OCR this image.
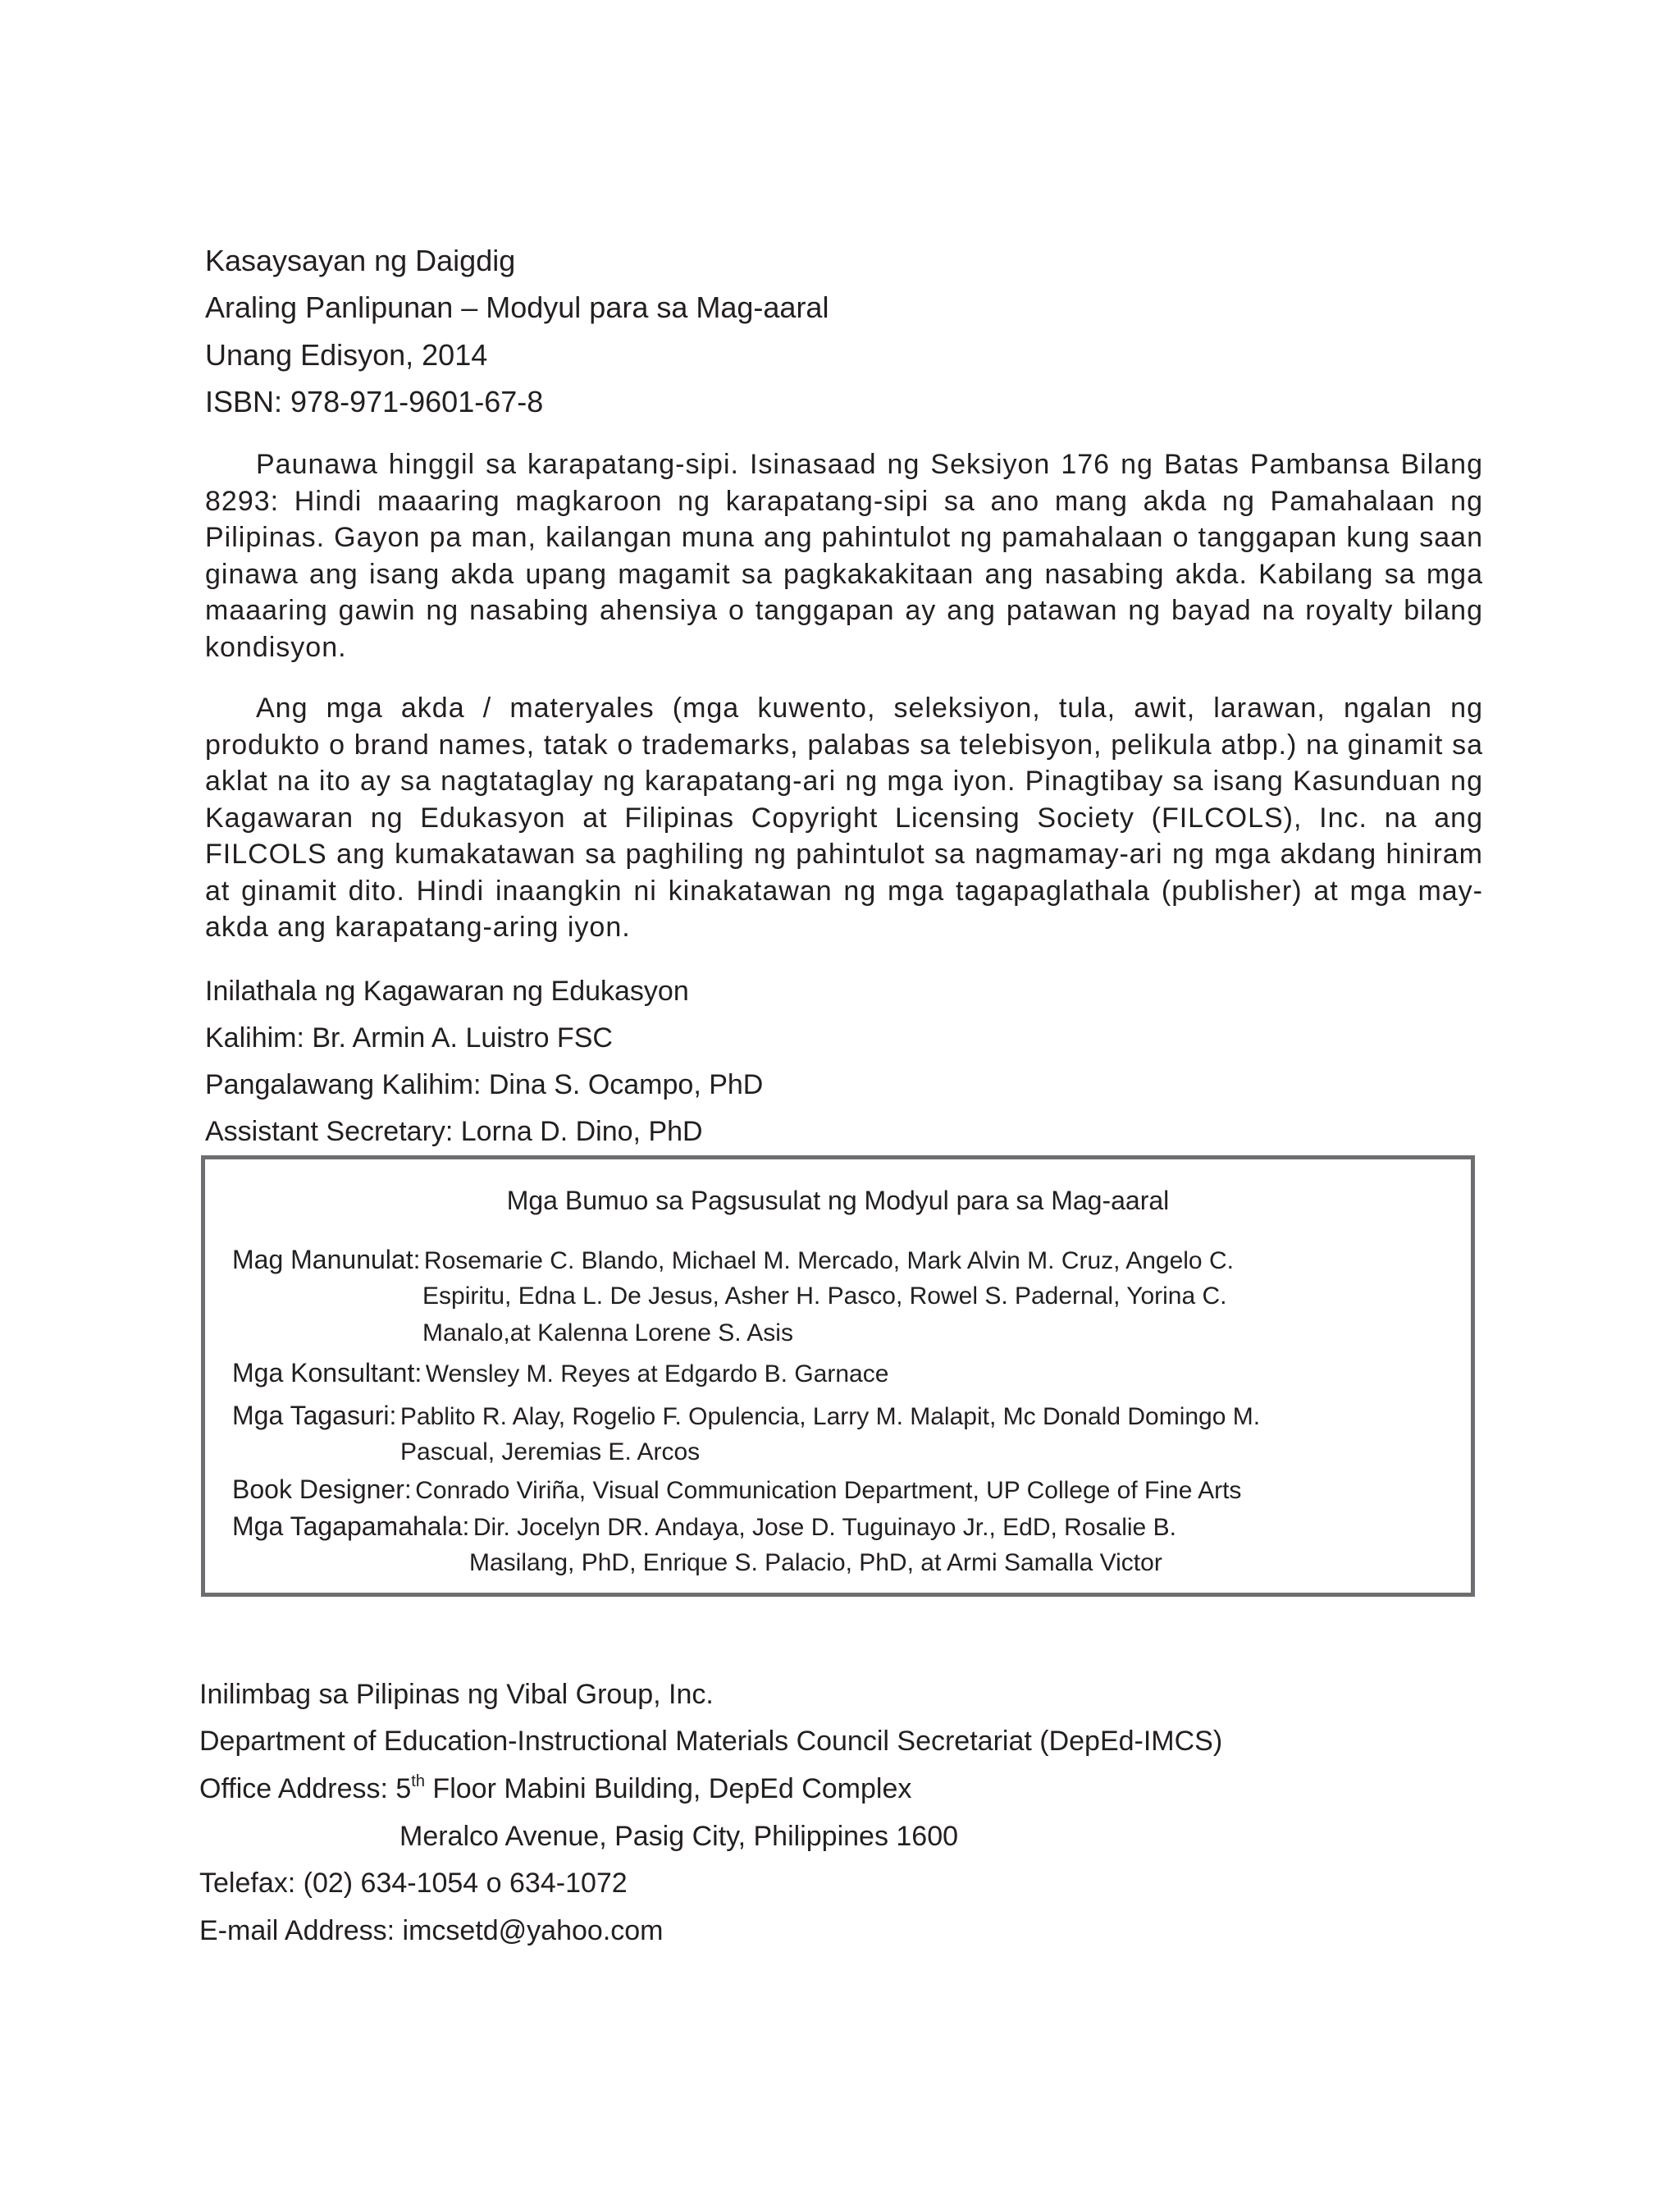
Kasaysayan ng Daigdig
Araling Panlipunan – Modyul para sa Mag-aaral
Unang Edisyon, 2014
ISBN: 978-971-9601-67-8

Paunawa hinggil sa karapatang-sipi. Isinasaad ng Seksiyon 176 ng Batas Pambansa Bilang 8293: Hindi maaaring magkaroon ng karapatang-sipi sa ano mang akda ng Pamahalaan ng Pilipinas. Gayon pa man, kailangan muna ang pahintulot ng pamahalaan o tanggapan kung saan ginawa ang isang akda upang magamit sa pagkakakitaan ang nasabing akda. Kabilang sa mga maaaring gawin ng nasabing ahensiya o tanggapan ay ang patawan ng bayad na royalty bilang kondisyon.

Ang mga akda / materyales (mga kuwento, seleksiyon, tula, awit, larawan, ngalan ng produkto o brand names, tatak o trademarks, palabas sa telebisyon, pelikula atbp.) na ginamit sa aklat na ito ay sa nagtataglay ng karapatang-ari ng mga iyon. Pinagtibay sa isang Kasunduan ng Kagawaran ng Edukasyon at Filipinas Copyright Licensing Society (FILCOLS), Inc. na ang FILCOLS ang kumakatawan sa paghiling ng pahintulot sa nagmamay-ari ng mga akdang hiniram at ginamit dito. Hindi inaangkin ni kinakatawan ng mga tagapaglathala (publisher) at mga may-akda ang karapatang-aring iyon.

Inilathala ng Kagawaran ng Edukasyon
Kalihim: Br. Armin A. Luistro FSC
Pangalawang Kalihim: Dina S. Ocampo, PhD
Assistant Secretary: Lorna D. Dino, PhD
Mga Bumuo sa Pagsusulat ng Modyul para sa Mag-aaral
Mag Manunulat: Rosemarie C. Blando, Michael M. Mercado, Mark Alvin M. Cruz, Angelo C.
Espiritu, Edna L. De Jesus, Asher H. Pasco, Rowel S. Padernal, Yorina C.
Manalo,at Kalenna Lorene S. Asis
Mga Konsultant: Wensley M. Reyes at Edgardo B. Garnace
Mga Tagasuri: Pablito R. Alay, Rogelio F. Opulencia, Larry M. Malapit, Mc Donald Domingo M.
Pascual, Jeremias E. Arcos
Book Designer: Conrado Viriña, Visual Communication Department, UP College of Fine Arts
Mga Tagapamahala: Dir. Jocelyn DR. Andaya, Jose D. Tuguinayo Jr., EdD, Rosalie B.
Masilang, PhD, Enrique S. Palacio, PhD, at Armi Samalla Victor
Inilimbag sa Pilipinas ng Vibal Group, Inc.
Department of Education-Instructional Materials Council Secretariat (DepEd-IMCS)
Office Address: 5th Floor Mabini Building, DepEd Complex
Meralco Avenue, Pasig City, Philippines 1600
Telefax: (02) 634-1054 o 634-1072
E-mail Address: imcsetd@yahoo.com
